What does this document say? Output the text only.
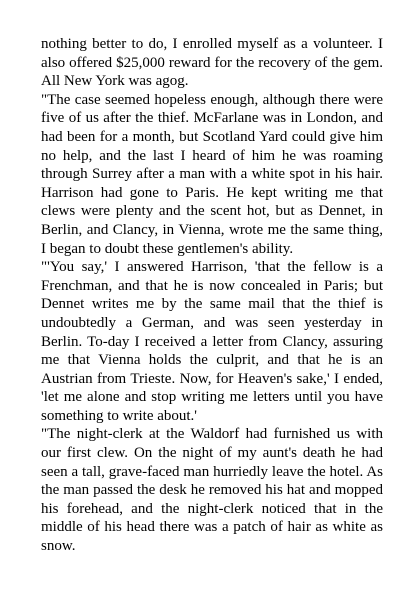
nothing better to do, I enrolled myself as a volunteer. I also offered $25,000 reward for the recovery of the gem. All New York was agog.

"The case seemed hopeless enough, although there were five of us after the thief. McFarlane was in London, and had been for a month, but Scotland Yard could give him no help, and the last I heard of him he was roaming through Surrey after a man with a white spot in his hair. Harrison had gone to Paris. He kept writing me that clews were plenty and the scent hot, but as Dennet, in Berlin, and Clancy, in Vienna, wrote me the same thing, I began to doubt these gentlemen's ability.

"'You say,' I answered Harrison, 'that the fellow is a Frenchman, and that he is now concealed in Paris; but Dennet writes me by the same mail that the thief is undoubtedly a German, and was seen yesterday in Berlin. To-day I received a letter from Clancy, assuring me that Vienna holds the culprit, and that he is an Austrian from Trieste. Now, for Heaven's sake,' I ended, 'let me alone and stop writing me letters until you have something to write about.'

"The night-clerk at the Waldorf had furnished us with our first clew. On the night of my aunt's death he had seen a tall, grave-faced man hurriedly leave the hotel. As the man passed the desk he removed his hat and mopped his forehead, and the night-clerk noticed that in the middle of his head there was a patch of hair as white as snow.
